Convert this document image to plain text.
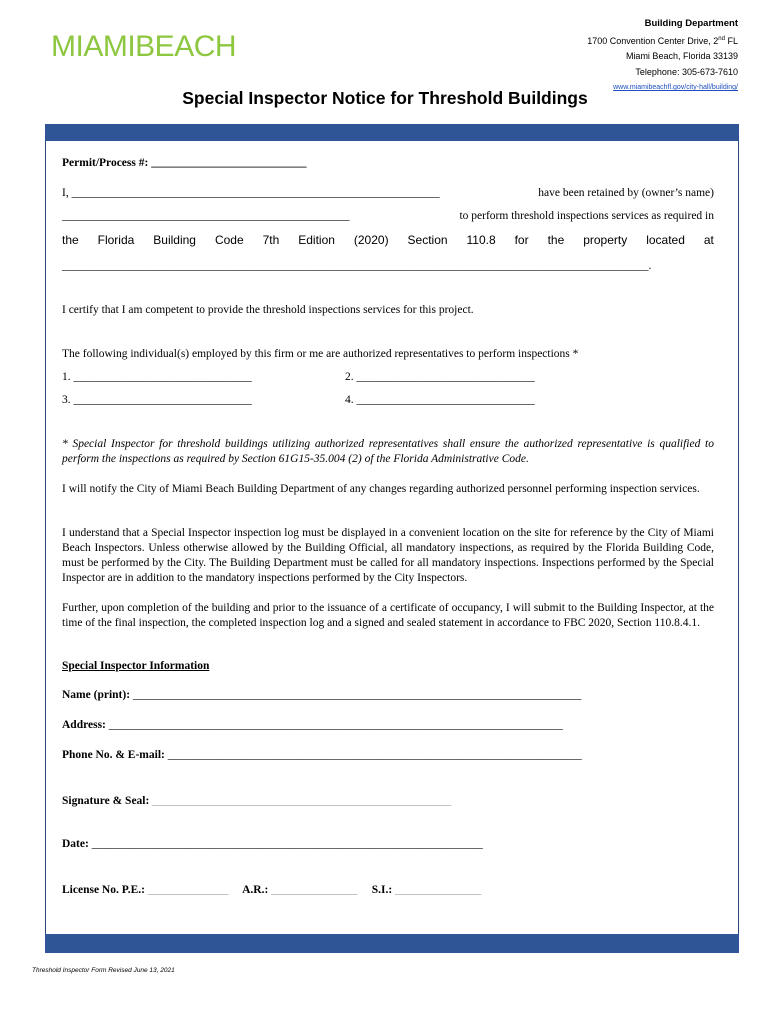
MIAMIBEACH
Building Department
1700 Convention Center Drive, 2nd FL
Miami Beach, Florida 33139
Telephone: 305-673-7610
www.miamibeachfl.gov/city-hall/building/
Special Inspector Notice for Threshold Buildings
Permit/Process #: ___________________________
I, ________________________________________________________________	have been retained by (owner’s name)
__________________________________________________	to perform threshold inspections services as required in
the Florida Building Code 7th Edition (2020) Section 110.8 for the property located at
______________________________________________________________________________________________________.
I certify that I am competent to provide the threshold inspections services for this project.
The following individual(s) employed by this firm or me are authorized representatives to perform inspections *
1. _______________________________	2. _______________________________
3. _______________________________	4. _______________________________
* Special Inspector for threshold buildings utilizing authorized representatives shall ensure the authorized representative is qualified to perform the inspections as required by Section 61G15-35.004 (2) of the Florida Administrative Code.
I will notify the City of Miami Beach Building Department of any changes regarding authorized personnel performing inspection services.
I understand that a Special Inspector inspection log must be displayed in a convenient location on the site for reference by the City of Miami Beach Inspectors. Unless otherwise allowed by the Building Official, all mandatory inspections, as required by the Florida Building Code, must be performed by the City. The Building Department must be called for all mandatory inspections. Inspections performed by the Special Inspector are in addition to the mandatory inspections performed by the City Inspectors.
Further, upon completion of the building and prior to the issuance of a certificate of occupancy, I will submit to the Building Inspector, at the time of the final inspection, the completed inspection log and a signed and sealed statement in accordance to FBC 2020, Section 110.8.4.1.
Special Inspector Information
Name (print): ______________________________________________________________________________
Address: _______________________________________________________________________________
Phone No. & E-mail: ________________________________________________________________________
Signature & Seal: ____________________________________________________
Date: ____________________________________________________________________
License No. P.E.: ______________ A.R.: _______________ S.I.: _______________
Threshold Inspector Form Revised June 13, 2021
